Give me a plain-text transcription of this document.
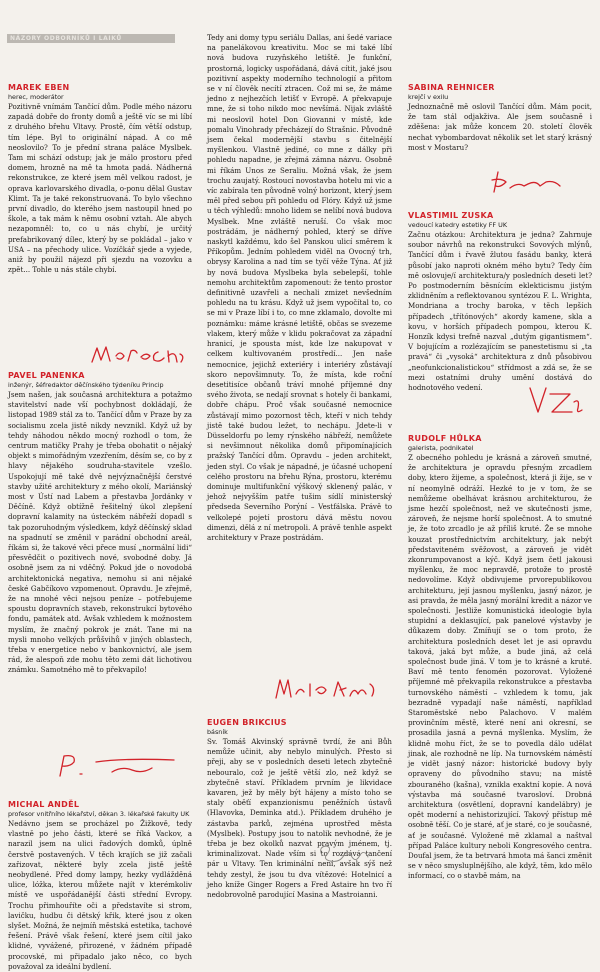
NÁZORY ODBORNÍKŮ I LAIKŮ

MAREK EBEN

herec, moderátor

Pozitivně vnímám Tančící dům. Podle mého názoru zapadá dobře do fronty domů a ještě víc se mi líbí z druhého břehu Vltavy. Prostě, čím větší odstup, tím lépe. Byl to originální nápad. A co mě neoslovilo? To je přední strana paláce Myslbek. Tam mi schází odstup; jak je málo prostoru před domem, hrozně na mě ta hmota padá. Nádherná rekonstrukce, ze které jsem měl velkou radost, je oprava karlovarského divadla, o-ponu dělal Gustav Klimt. Ta je také rekonstruovaná. To bylo všechno první divadlo, do kterého jsem nastoupil hned po škole, a tak mám k němu osobní vztah. Ale abych nezapomněl: to, co u nás chybí, je určitý prefabrikovaný dílec, který by se pokládal – jako v USA – na přechody ulice. Vozíčkář sjede a vyjede, aniž by použil nájezd při sjezdu na vozovku a zpět... Tohle u nás stále chybí.

PAVEL PANENKA

inženýr, šéfredaktor děčínského týdeníku Princip

Jsem našen, jak současná architektura a potažmo stavitelství nade vší pochybnost dokládají, že listopad 1989 stál za to. Tančící dům v Praze by za socialismu zcela jistě nikdy nevznikl. Když už by tehdy náhodou někdo mocný rozhodl o tom, že centrum matičky Prahy je třeba obohatit o nějaký objekt s mimořádným vzezřením, děsím se, co by z hlavy nějakého soudruha-stavitele vzešlo. Uspokojují mě také dvě nejvýznačnější čerstvé stavby užité architektury z mého okolí, Mariánský most v Ústí nad Labem a přestavba Jordánky v Děčíně. Když obtížně řešitelný úkol zlepšení dopravní kalamity na ústeckém nábřeží dopadl s tak pozoruhodným výsledkem, když děčínský sklad na spadnutí se změnil v parádní obchodní areál, říkám si, že takové věci přece musí „normální lidi“ přesvědčit o pozitivech nové, svobodné doby. Já osobně jsem za ni vděčný. Pokud jde o novodobá architektonická negativa, nemohu si ani nějaké české Gabčíkovo vzpomenout. Opravdu. Je zřejmě, že na mnohé věci nejsou peníze – potřebujeme spoustu dopravních staveb, rekonstrukcí bytového fondu, památek atd. Avšak vzhledem k možnostem myslím, že značný pokrok je znát. Tane mi na mysli mnoho velkých průšvihů v jiných oblastech, třeba v energetice nebo v bankovnictví, ale jsem rád, že alespoň zde mohu těto zemi dát lichotivou známku. Samotného mě to překvapilo!

MICHAL ANDĚL

profesor vnitřního lékařství, děkan 3. lékařské fakulty UK

Nedávno jsem se procházel po Žižkově, tedy vlastně po jeho části, které se říká Vackov, a narazil jsem na ulici řadových domků, úplně čerstvě postavených. V těch krajích se již začali zařizovat, některé byly zcela jistě ještě neobydlené. Před domy lampy, hezky vydlážděná ulice, lóžka, kterou můžete najít v kterémkoliv místě ve uspořádanější části střední Evropy. Trochu přimhouříte oči a představíte si strom, lavičku, hudbu či dětský křik, které jsou z oken slyšet. Možná, že nejmíň městská estetika, tachové řešení. Právě však řešení, které jsem cítil jako klidné, vyvážené, přirozené, v žádném případě procovské, mi připadalo jako něco, co bych považoval za ideální bydlení.

Tedy ani domy typu seriálu Dallas, ani šedé variace na panelákovou kreativitu. Moc se mi také líbí nová budova ruzyňského letiště. Je funkční, prostorná, logicky uspořádaná, dává cítit, jaké jsou pozitivní aspekty moderního technologií a přitom se v ní člověk necítí ztracen. Což mi se, že máme jedno z nejhezčích letišť v Evropě. A překvapuje mne, že si toho nikdo moc nevšímá. Nijak zvláště mi neoslovil hotel Don Giovanni v místě, kde pomalu Vinohrady přecházejí do Strašnic. Původně jsem čekal modernější stavbu s čitelnější myšlenkou. Vlastně jediné, co mne z dálky při pohledu napadne, je zřejmá zámna názvu. Osobně mi říkám Unos ze Seraliu. Možná však, že jsem trochu zaujatý. Rostoucí novostavba hotelu mi vic a víc zabírala ten původně volný horizont, který jsem měl před sebou při pohledu od Flóry. Když už jsme u těch výhledů: mnoho lidem se nelíbí nová budova Myslbek. Mne zvláště neruší. Co však moc postrádám, je nádherný pohled, který se dříve naskytl každému, kdo šel Panskou ulicí směrem k Příkopům. Jedním pohledem viděl na Ovocný trh, obrysy Karolina a nad tím se tyčí věže Týna. Ať již by nová budova Myslbeka byla sebelepší, tohle nemohu architektům zapomenout: že tento prostor definitivně uzavřeli a nechali zmizet nevšedním pohledu na tu krásu. Když už jsem vypočítal to, co se mi v Praze líbí i to, co mne zklamalo, dovolte mi poznámku: máme krásné letiště, občas se svezeme vlakem, který může v klidu pokračovat za západní hranicí, je spousta míst, kde lze nakupovat v celkem kultivovaném prostředí... Jen naše nemocnice, jejichž exteriéry i interiéry zůstávají skoro nepovšimnuty. To, že místa, kde roční desetitisíce občanů tráví mnohé příjemné dny svého života, se nedají srovnat s hotely či bankami, dobře chápu. Proč však současné nemocnice zůstávají mimo pozornost těch, kteří v nich tehdy jistě také budou ležet, to nechápu. Jdete-li v Düsseldorfu po lemy rýnského nábřeží, nemůžete si nevšimnout několika domů připomínajících pražský Tančící dům. Opravdu – jeden architekt, jeden styl. Co však je nápadné, je účasné uchopení celého prostoru na břehu Rýna, prostoru, kterému dominuje multifunkční výškový sklenený palác, v jehož nejvyšším patře tušim sídlí ministerský předseda Severního Porýní – Vestfálska. Právě to velkolepé pojetí prostoru dává městu novou dimenzi, dělá z ní metropoli. A právě tenhle aspekt architektury v Praze postrádám.

EUGEN BRIKCIUS

básník

Sv. Tomáš Akvinský správně tvrdí, že ani Bůh nemůže učinit, aby nebylo minulých. Přesto si přeji, aby se v posledních deseti letech zbytečně nebouralo, což je ještě větší zlo, než když se zbytečně staví. Příkladem prvním je likvidace kavaren, jež by měly být hájeny a místo toho se staly oběťí expanzionismu peněžních ústavů (Hlavovka, Deminka atd.). Příkladem druhého je zástavba parků, zejména uprostřed města (Myslbek). Postupy jsou to natolik nevhodné, že je třeba je bez okolků nazvat pravým jménem, tj. kriminalizovat. Nade vším si to rozdává tančení pár u Vltavy. Ten kriminální není, avšak sýš než tehdy zestyl, že jsou tu dva vítězové: Hotelnicí a jeho kníže Ginger Rogers a Fred Astaire hn tvo ří nedobrovolně parodující Masina a Mastroianni.

SABINA REHNICER

krejčí v exilu

Jednoznačně mě oslovil Tančící dům. Mám pocit, že tam stál odjakživa. Ale jsem současně i zděšena: jak může koncem 20. století člověk nechat vybombardovat několik set let starý krásný most v Mostaru?

VLASTIMIL ZUSKA

vedoucí katedry estetiky FF UK

Začnu otázkou: Architektura je jedna? Zahrnuje soubor návrhů na rekonstrukci Sovových mlýnů, Tančící dům i řvavě žlutou fasádu banky, která působí jako naproti okném mého bytu? Tedy čím mě oslovuje/í architektura/y posledních deseti let? Po postmoderním běsnícím eklekticismu jistým zklidněním a reflektovanou syntézou F. L. Wrighta, Mondriana a trochy baroka, v těch lepších případech „třítónových“ akordy kamene, skla a kovu, v horších případech pompou, kterou K. Honzík kdysi trefně nazval „dutým gigantismem“. V bojujícím a rozlézajícím se panestetismu si „ta pravá“ či „vysoká“ architektura z dnů působivou „neofunkcionalistickou“ střídmost a zdá se, že se mezi ostatními druhy umění dostává do hodnotového vedení.

RUDOLF HŮLKA

galerista, podnikatel

Z obecného pohledu je krásná a zároveň smutné, že architektura je opravdu přesným zrcadlem doby, ktero žijeme, a společnost, která ji žije, se v ní neomylně odráží. Hezké to je v tom, že se nemůžeme obelhávat krásnou architekturou, že jsme hezčí společnost, než ve skutečnosti jsme, zároveň, že nejsme horší společnost. A to smutné je, že toto zrcadlo je až příliš kruté. Že se mnohe kouzat prostřednictvím architektury, jak nebýt představiteném svěžovost, a zároveň je vidět zkonrumpovanost a kýč. Když jsem četl jakousi myšlenku, že moc nepravdě, protože to prostě nedovolíme. Když obdivujeme prvorepublikovou architekturu, její jasnou myšlenku, jasný názor, je asi pravda, že měla jasný morální kredit a názor ve společnosti. Jestliže komunistická ideologie byla stupidní a deklasující, pak panelové výstavby je důkazem doby. Zmíňují se o tom proto, že architektura posledních deset let je asi opravdu taková, jaká byt může, a bude jiná, až celá společnost bude jiná. V tom je to krásné a kruté. Baví mě tento fenomén pozorovat. Vyložené příjemné mě překvapila rekonstrukce a přestavba turnovského náměstí – vzhledem k tomu, jak bezradně vypadají naše náměstí, například Staroměstské nebo Palachovo. V malém provinčním městě, které není ani okresní, se prosadila jasná a pevná myšlenka. Myslím, že klidně mohu říct, že se to povedla dálo udělat jinak, ale rozhodně ne líp. Na turnovském náměstí je vidět jasný názor: historické budovy byly opraveny do původního stavu; na místě zbouraného (kašna), vznikla exaktní kopie. A nová výstavba má současné tvarosloví. Drobná architektura (osvětlení, dopravní kandelábry) je opět moderní a nehistorizující. Takový přístup mě osobně těší. Co je staré, ať je staré, co je současné, ať je současné. Vyložené mě zklamal a naštval případ Paláce kultury neboli Kongresového centra. Doufal jsem, že ta betrvará hmota má šanci změnit se v něco smysluplnějšího, ale když, těm, kdo mělo informací, co o stavbě mám, na
